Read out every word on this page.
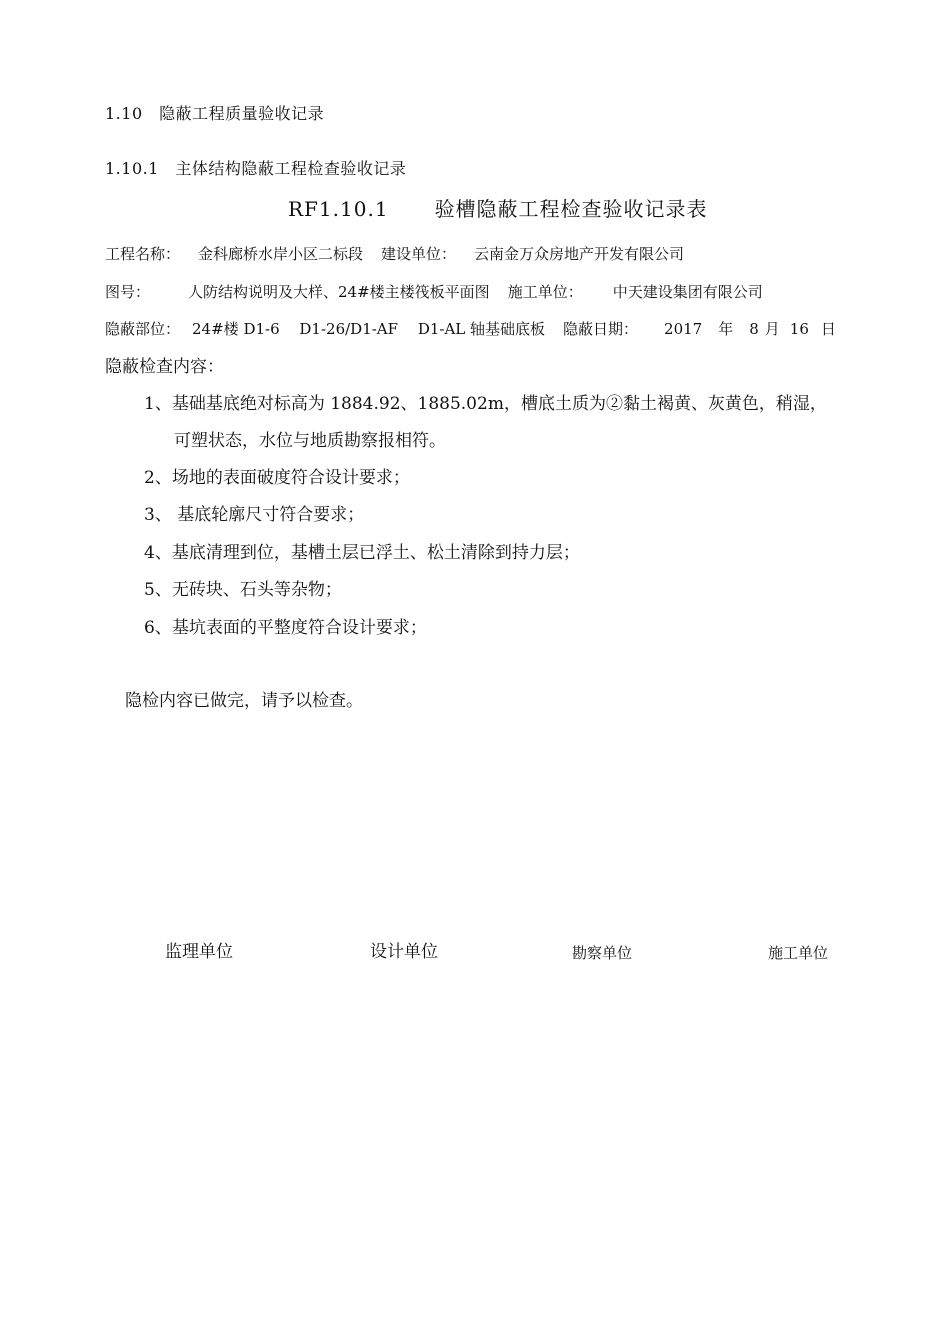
1.10　隐蔽工程质量验收记录
1.10.1　主体结构隐蔽工程检查验收记录
RF1.10.1 验槽隐蔽工程检查验收记录表
工程名称： 金科廊桥水岸小区二标段 建设单位： 云南金万众房地产开发有限公司
图号：	人防结构说明及大样、24#楼主楼筏板平面图 施工单位： 中天建设集团有限公司
隐蔽部位： 24#楼 D1-6　 D1-26/D1-AF　 D1-AL 轴基础底板 隐蔽日期： 2017 年 8 月 16 日
隐蔽检查内容：
1、基础基底绝对标高为 1884.92、1885.02m，槽底土质为②黏土褐黄、灰黄色，稍湿，
可塑状态，水位与地质勘察报相符。
2、场地的表面破度符合设计要求；
3、 基底轮廓尺寸符合要求；
4、基底清理到位，基槽土层已浮土、松土清除到持力层；
5、无砖块、石头等杂物；
6、基坑表面的平整度符合设计要求；
隐检内容已做完，请予以检查。
监理单位	设计单位	勘察单位	施工单位
